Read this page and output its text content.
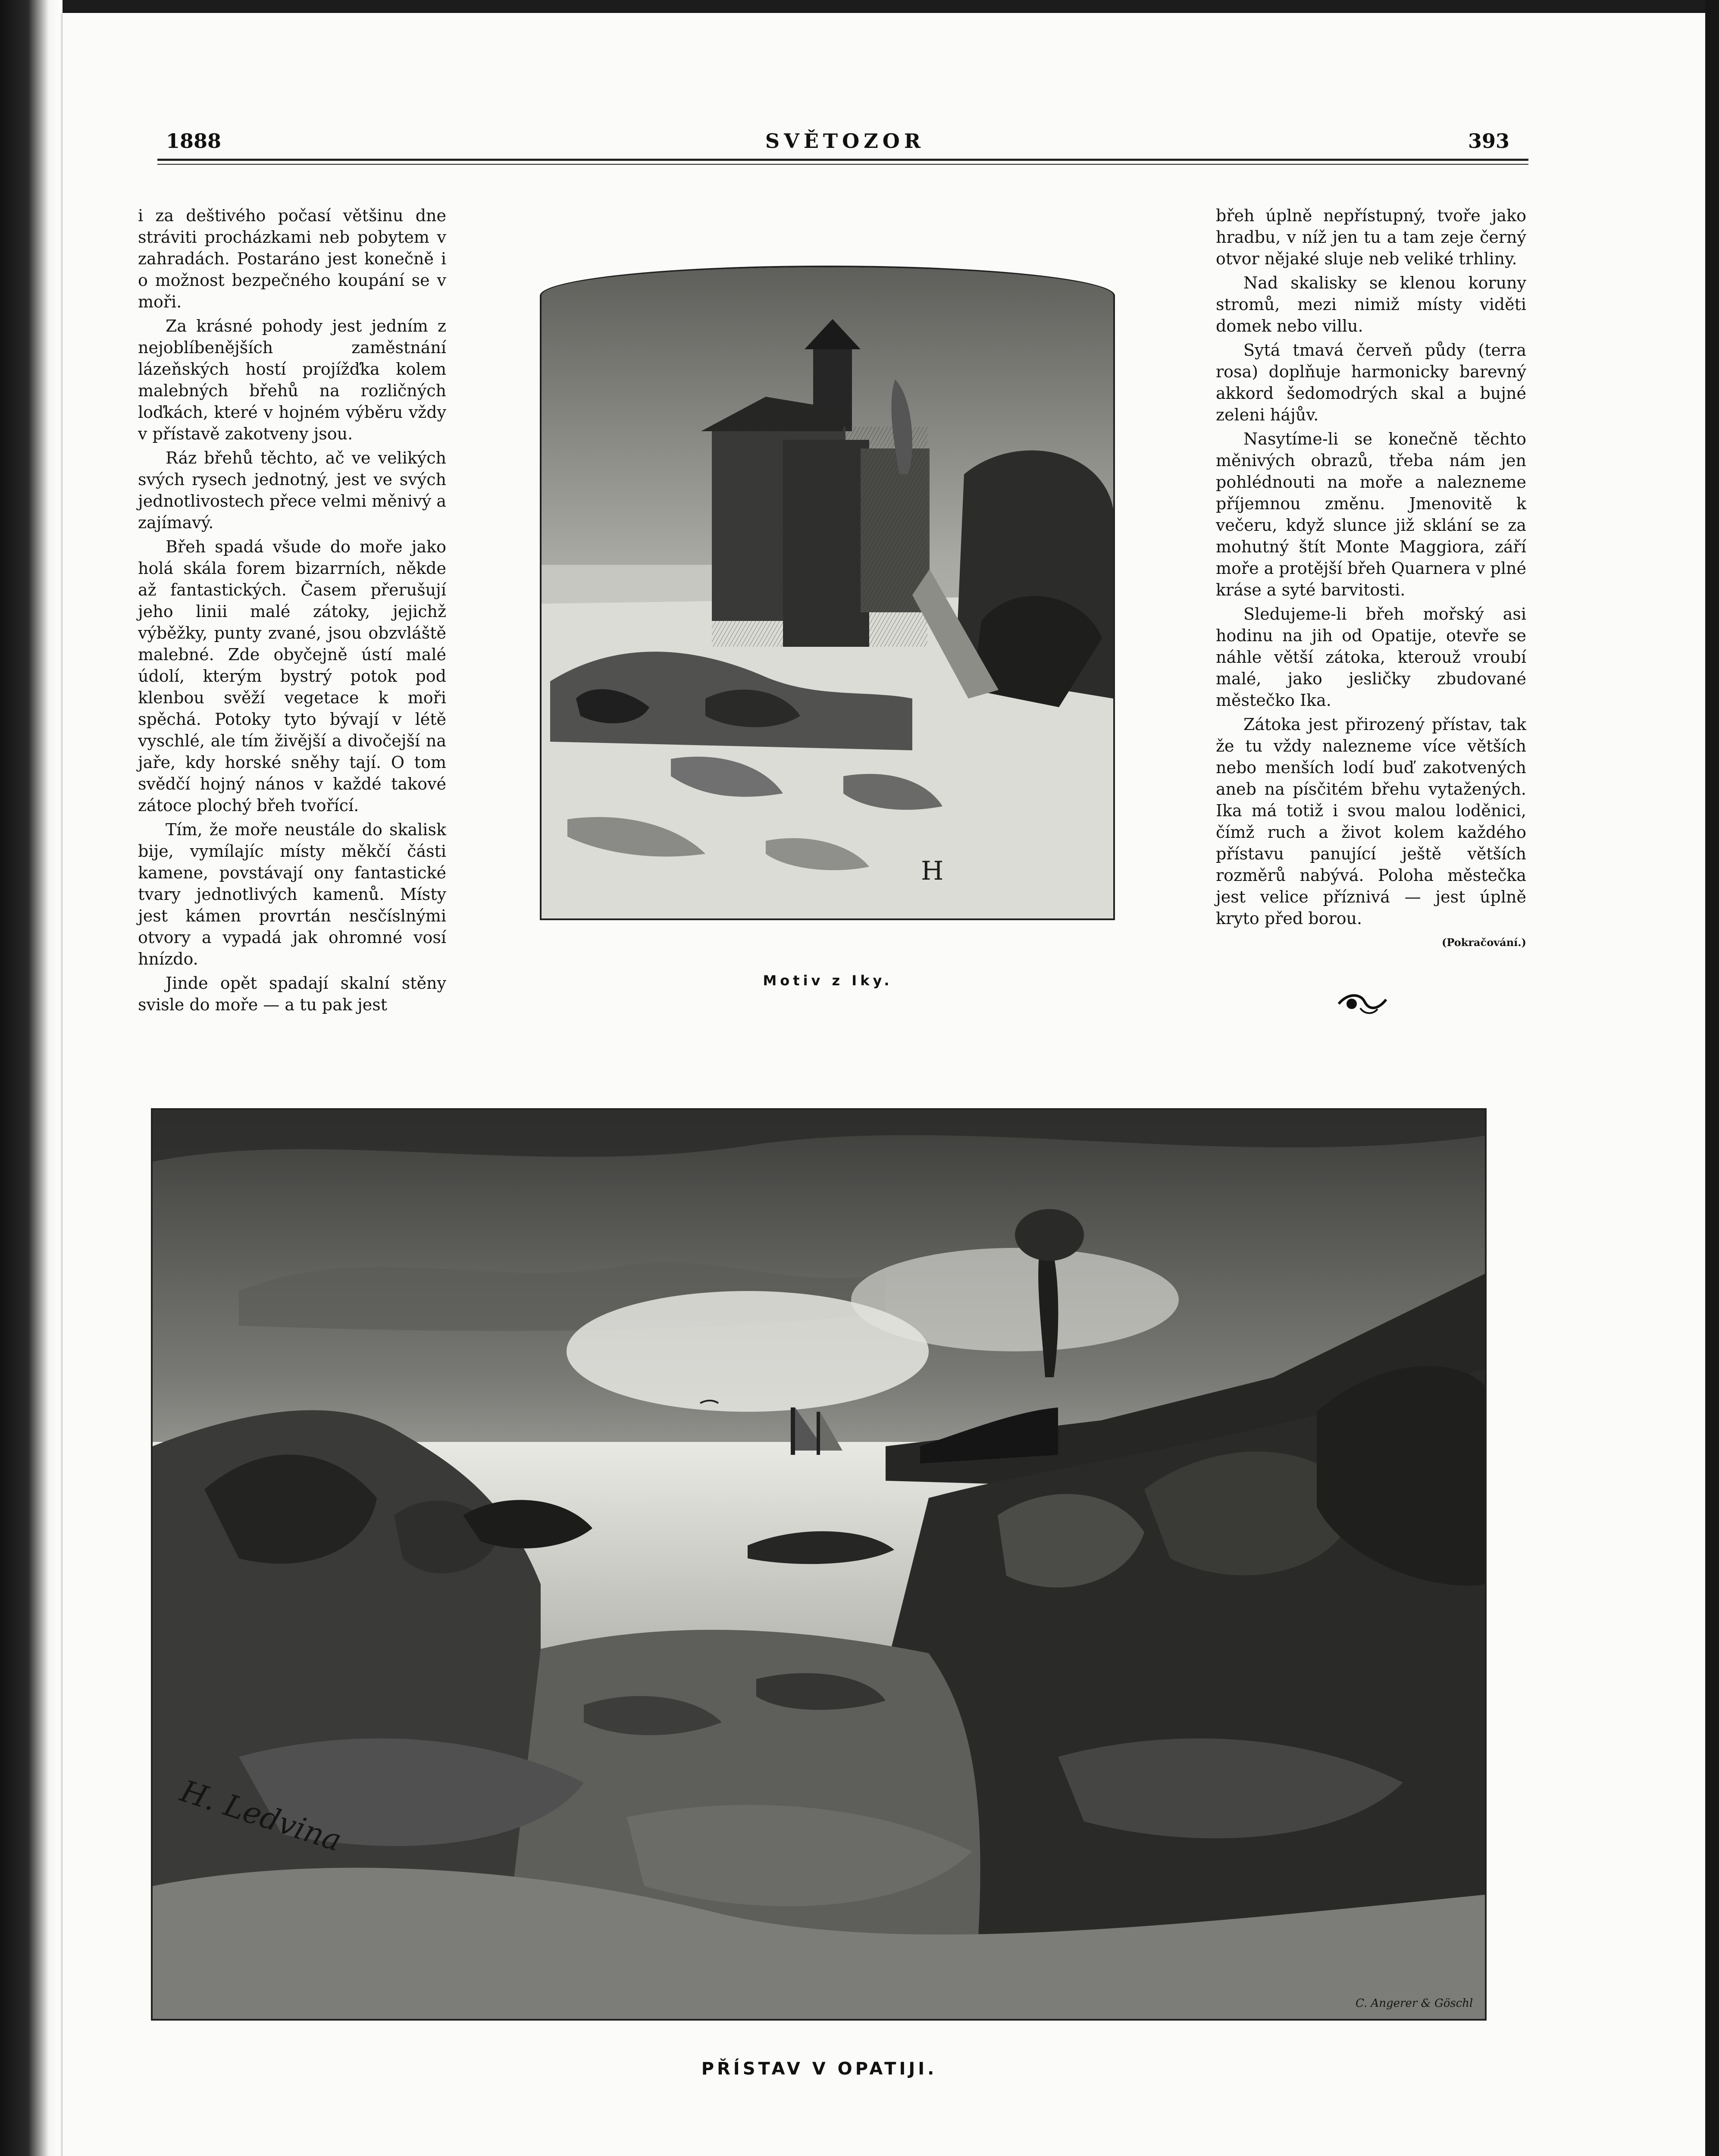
1888	SVĚTOZOR	393

i za deštivého počasí většinu dne stráviti procházkami neb pobytem v zahradách. Postaráno jest konečně i o možnost bezpečného koupání se v moři.

Za krásné pohody jest jedním z nejoblíbenějších zaměstnání lázeňských hostí projížďka kolem malebných břehů na rozličných loďkách, které v hojném výběru vždy v přístavě zakotveny jsou.

Ráz břehů těchto, ač ve velikých svých rysech jednotný, jest ve svých jednotlivostech přece velmi měnivý a zajímavý.

Břeh spadá všude do moře jako holá skála forem bizarrních, někde až fantastických. Časem přerušují jeho linii malé zátoky, jejichž výběžky, punty zvané, jsou obzvláště malebné. Zde obyčejně ústí malé údolí, kterým bystrý potok pod klenbou svěží vegetace k moři spěchá. Potoky tyto bývají v létě vyschlé, ale tím živější a divočejší na jaře, kdy horské sněhy tají. O tom svědčí hojný nános v každé takové zátoce plochý břeh tvořící.

Tím, že moře neustále do skalisk bije, vymílajíc místy měkčí části kamene, povstávají ony fantastické tvary jednotlivých kamenů. Místy jest kámen provrtán nesčíslnými otvory a vypadá jak ohromné vosí hnízdo.

Jinde opět spadají skalní stěny svisle do moře — a tu pak jest

H
Motiv z Iky.

břeh úplně nepřístupný, tvoře jako hradbu, v níž jen tu a tam zeje černý otvor nějaké sluje neb veliké trhliny.

Nad skalisky se klenou koruny stromů, mezi nimiž místy viděti domek nebo villu.

Sytá tmavá červeň půdy (terra rosa) doplňuje harmonicky barevný akkord šedomodrých skal a bujné zeleni hájův.

Nasytíme-li se konečně těchto měnivých obrazů, třeba nám jen pohlédnouti na moře a nalezneme příjemnou změnu. Jmenovitě k večeru, když slunce již sklání se za mohutný štít Monte Maggiora, září moře a protější břeh Quarnera v plné kráse a syté barvitosti.

Sledujeme-li břeh mořský asi hodinu na jih od Opatije, otevře se náhle větší zátoka, kterouž vroubí malé, jako jesličky zbudované městečko Ika.

Zátoka jest přirozený přístav, tak že tu vždy nalezneme více větších nebo menších lodí buď zakotvených aneb na písčitém břehu vytažených. Ika má totiž i svou malou loděnici, čímž ruch a život kolem každého přístavu panující ještě větších rozměrů nabývá. Poloha městečka jest velice příznivá — jest úplně kryto před borou.

(Pokračování.)
H. Ledvina
C. Angerer & Göschl
PŘÍSTAV V OPATIJI.
